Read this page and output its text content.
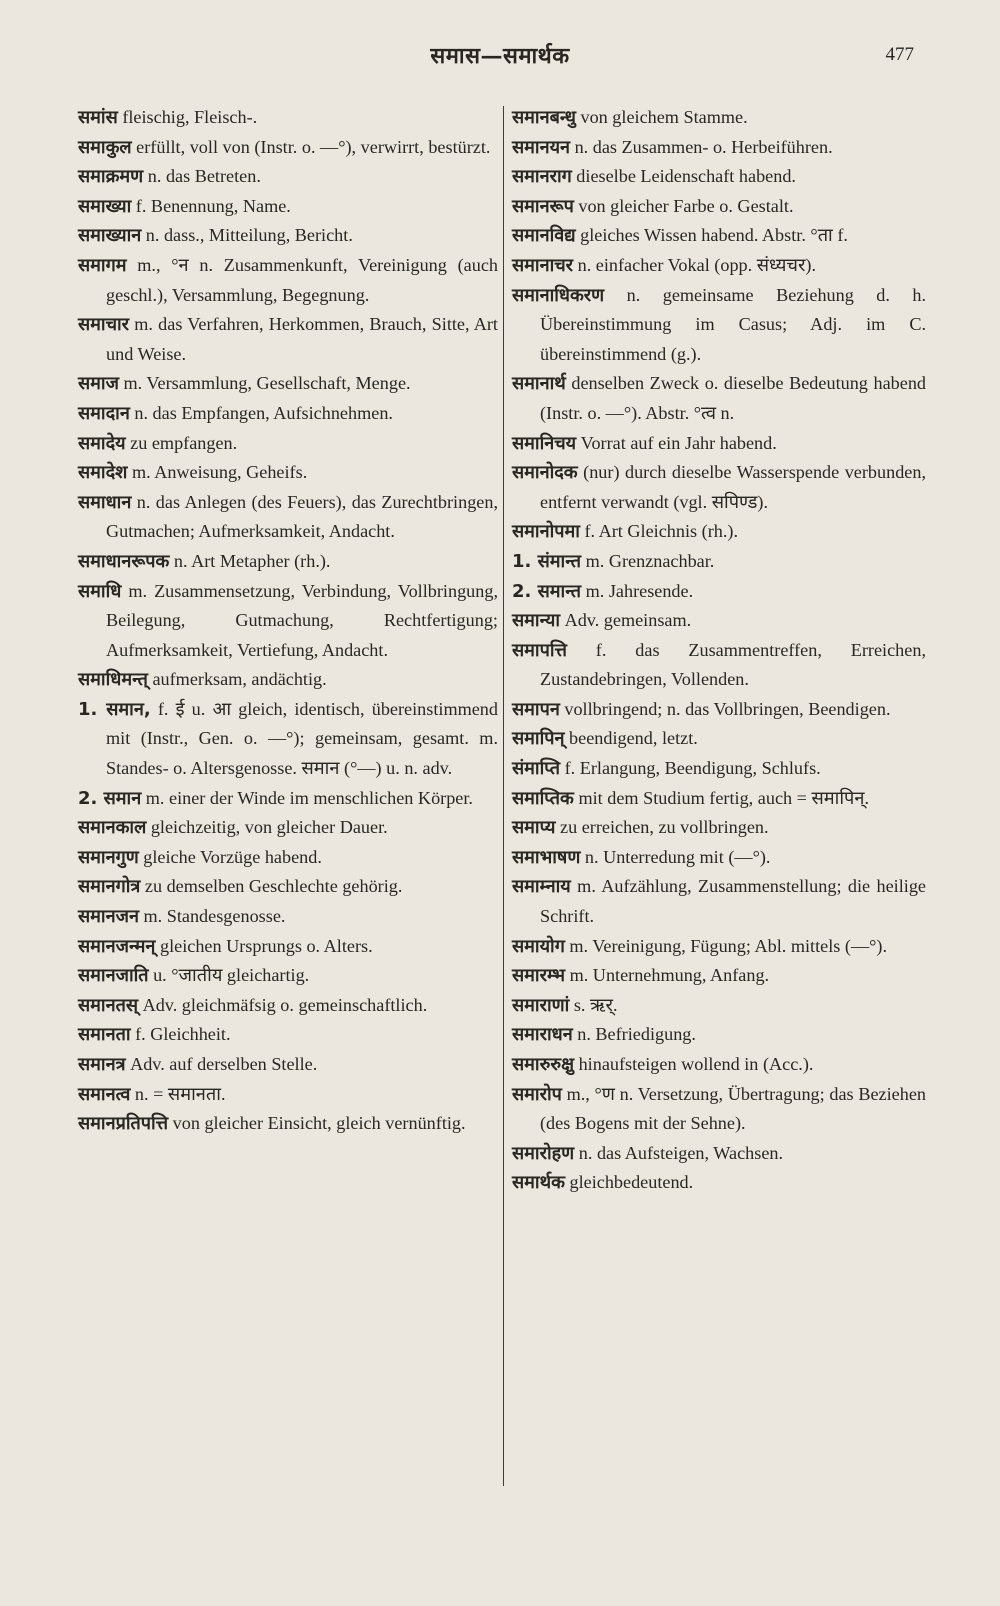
समास—समार्थक	477

समांस fleischig, Fleisch-.

समाकुल erfüllt, voll von (Instr. o. —°), verwirrt, bestürzt.

समाक्रमण n. das Betreten.

समाख्या f. Benennung, Name.

समाख्यान n. dass., Mitteilung, Bericht.

समागम m., °न n. Zusammenkunft, Vereinigung (auch geschl.), Versammlung, Begegnung.

समाचार m. das Verfahren, Herkommen, Brauch, Sitte, Art und Weise.

समाज m. Versammlung, Gesellschaft, Menge.

समादान n. das Empfangen, Aufsichnehmen.

समादेय zu empfangen.

समादेश m. Anweisung, Geheifs.

समाधान n. das Anlegen (des Feuers), das Zurechtbringen, Gutmachen; Aufmerksamkeit, Andacht.

समाधानरूपक n. Art Metapher (rh.).

समाधि m. Zusammensetzung, Verbindung, Vollbringung, Beilegung, Gutmachung, Rechtfertigung; Aufmerksamkeit, Vertiefung, Andacht.

समाधिमन्त् aufmerksam, andächtig.

1. समान, f. ई u. आ gleich, identisch, übereinstimmend mit (Instr., Gen. o. —°); gemeinsam, gesamt. m. Standes- o. Altersgenosse. समान (°—) u. n. adv.

2. समान m. einer der Winde im menschlichen Körper.

समानकाल gleichzeitig, von gleicher Dauer.

समानगुण gleiche Vorzüge habend.

समानगोत्र zu demselben Geschlechte gehörig.

समानजन m. Standesgenosse.

समानजन्मन् gleichen Ursprungs o. Alters.

समानजाति u. °जातीय gleichartig.

समानतस् Adv. gleichmäfsig o. gemeinschaftlich.

समानता f. Gleichheit.

समानत्र Adv. auf derselben Stelle.

समानत्व n. = समानता.

समानप्रतिपत्ति von gleicher Einsicht, gleich vernünftig.

समानबन्धु von gleichem Stamme.

समानयन n. das Zusammen- o. Herbeiführen.

समानराग dieselbe Leidenschaft habend.

समानरूप von gleicher Farbe o. Gestalt.

समानविद्य gleiches Wissen habend. Abstr. °ता f.

समानाचर n. einfacher Vokal (opp. संध्यचर).

समानाधिकरण n. gemeinsame Beziehung d. h. Übereinstimmung im Casus; Adj. im C. übereinstimmend (g.).

समानार्थ denselben Zweck o. dieselbe Bedeutung habend (Instr. o. —°). Abstr. °त्व n.

समानिचय Vorrat auf ein Jahr habend.

समानोदक (nur) durch dieselbe Wasserspende verbunden, entfernt verwandt (vgl. सपिण्ड).

समानोपमा f. Art Gleichnis (rh.).

1. संमान्त m. Grenznachbar.

2. समान्त m. Jahresende.

समान्या Adv. gemeinsam.

समापत्ति f. das Zusammentreffen, Erreichen, Zustandebringen, Vollenden.

समापन vollbringend; n. das Vollbringen, Beendigen.

समापिन् beendigend, letzt.

संमाप्ति f. Erlangung, Beendigung, Schlufs.

समाप्तिक mit dem Studium fertig, auch = समापिन्.

समाप्य zu erreichen, zu vollbringen.

समाभाषण n. Unterredung mit (—°).

समाम्नाय m. Aufzählung, Zusammenstellung; die heilige Schrift.

समायोग m. Vereinigung, Fügung; Abl. mittels (—°).

समारम्भ m. Unternehmung, Anfang.

समाराणां s. ऋर्.

समाराधन n. Befriedigung.

समारुरुक्षु hinaufsteigen wollend in (Acc.).

समारोप m., °ण n. Versetzung, Übertragung; das Beziehen (des Bogens mit der Sehne).

समारोहण n. das Aufsteigen, Wachsen.

समार्थक gleichbedeutend.
